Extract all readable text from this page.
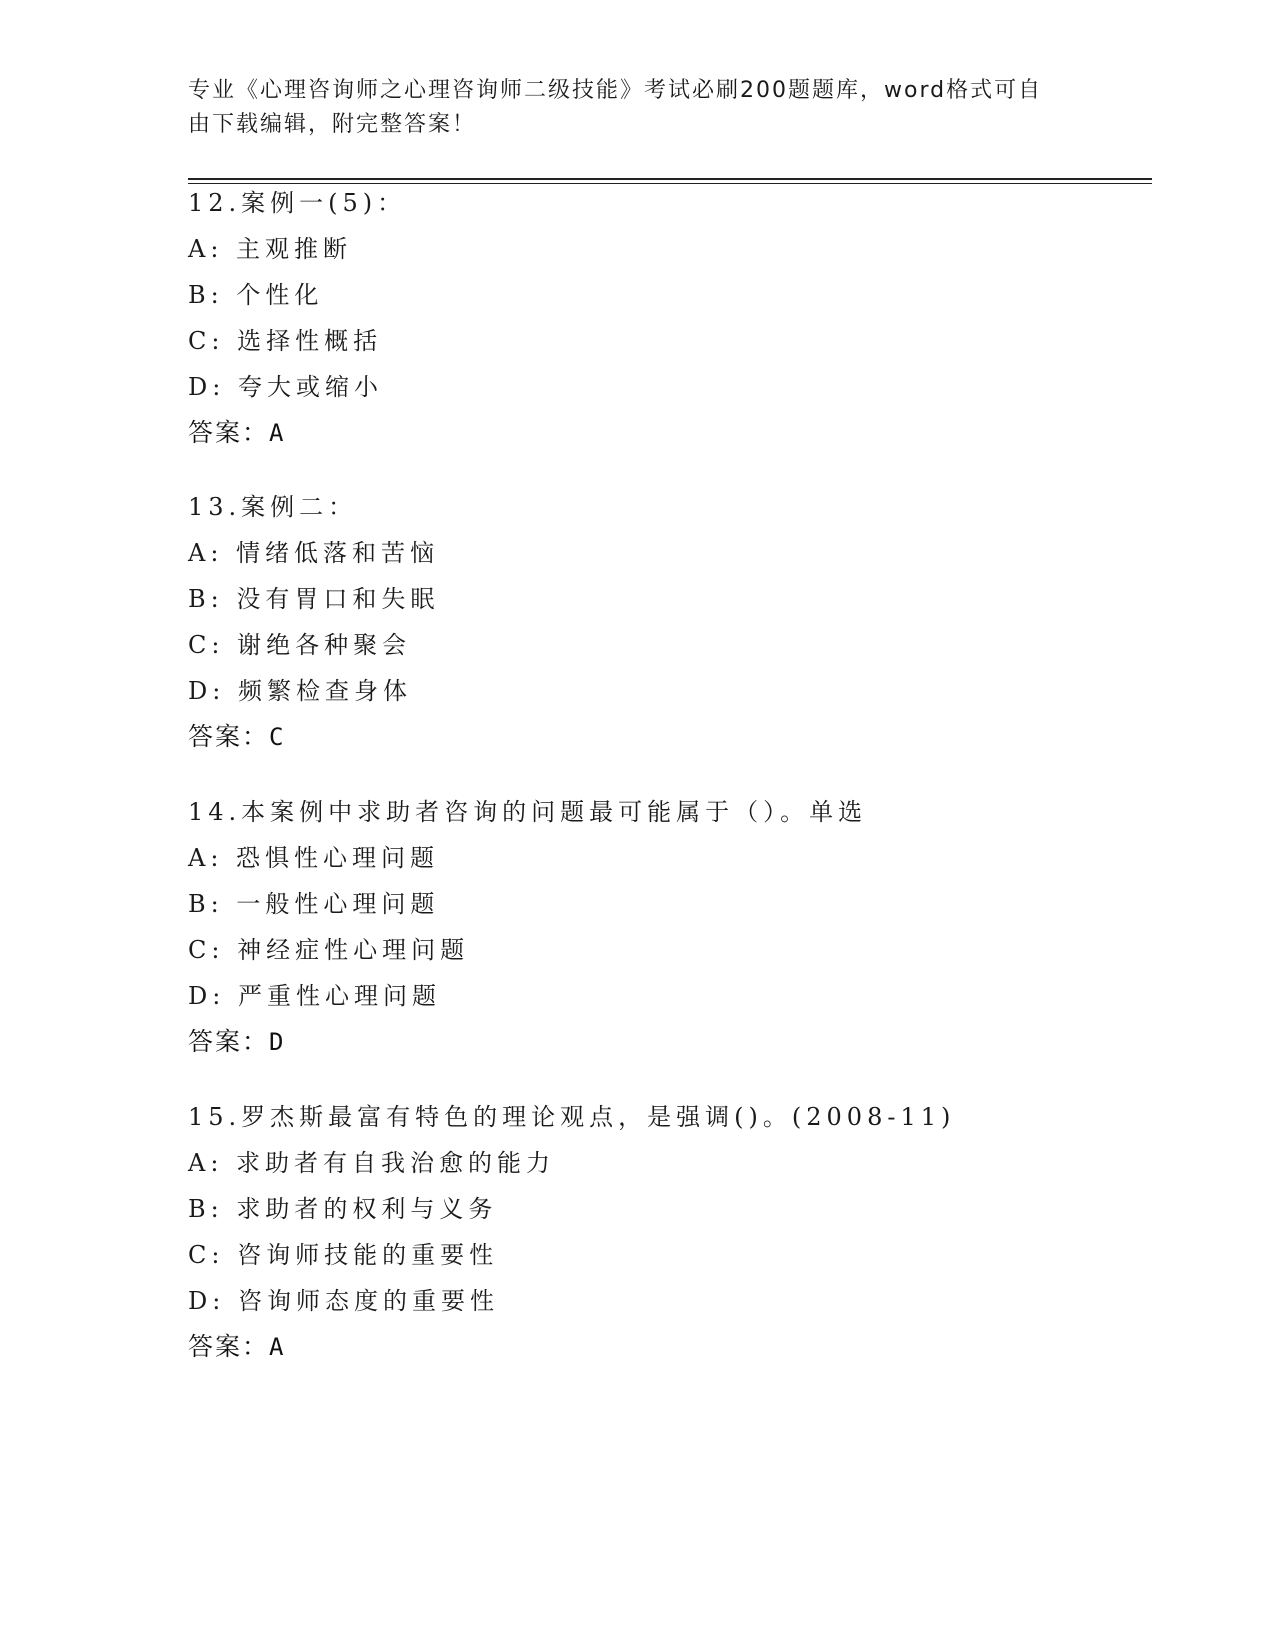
专业《心理咨询师之心理咨询师二级技能》考试必刷200题题库，word格式可自
由下载编辑，附完整答案！
12.案例一(5)：
A: 主观推断
B: 个性化
C: 选择性概括
D: 夸大或缩小
答案：A
13.案例二：
A: 情绪低落和苦恼
B: 没有胃口和失眠
C: 谢绝各种聚会
D: 频繁检查身体
答案：C
14.本案例中求助者咨询的问题最可能属于（）。单选
A: 恐惧性心理问题
B: 一般性心理问题
C: 神经症性心理问题
D: 严重性心理问题
答案：D
15.罗杰斯最富有特色的理论观点，是强调()。(2008-11)
A: 求助者有自我治愈的能力
B: 求助者的权利与义务
C: 咨询师技能的重要性
D: 咨询师态度的重要性
答案：A
